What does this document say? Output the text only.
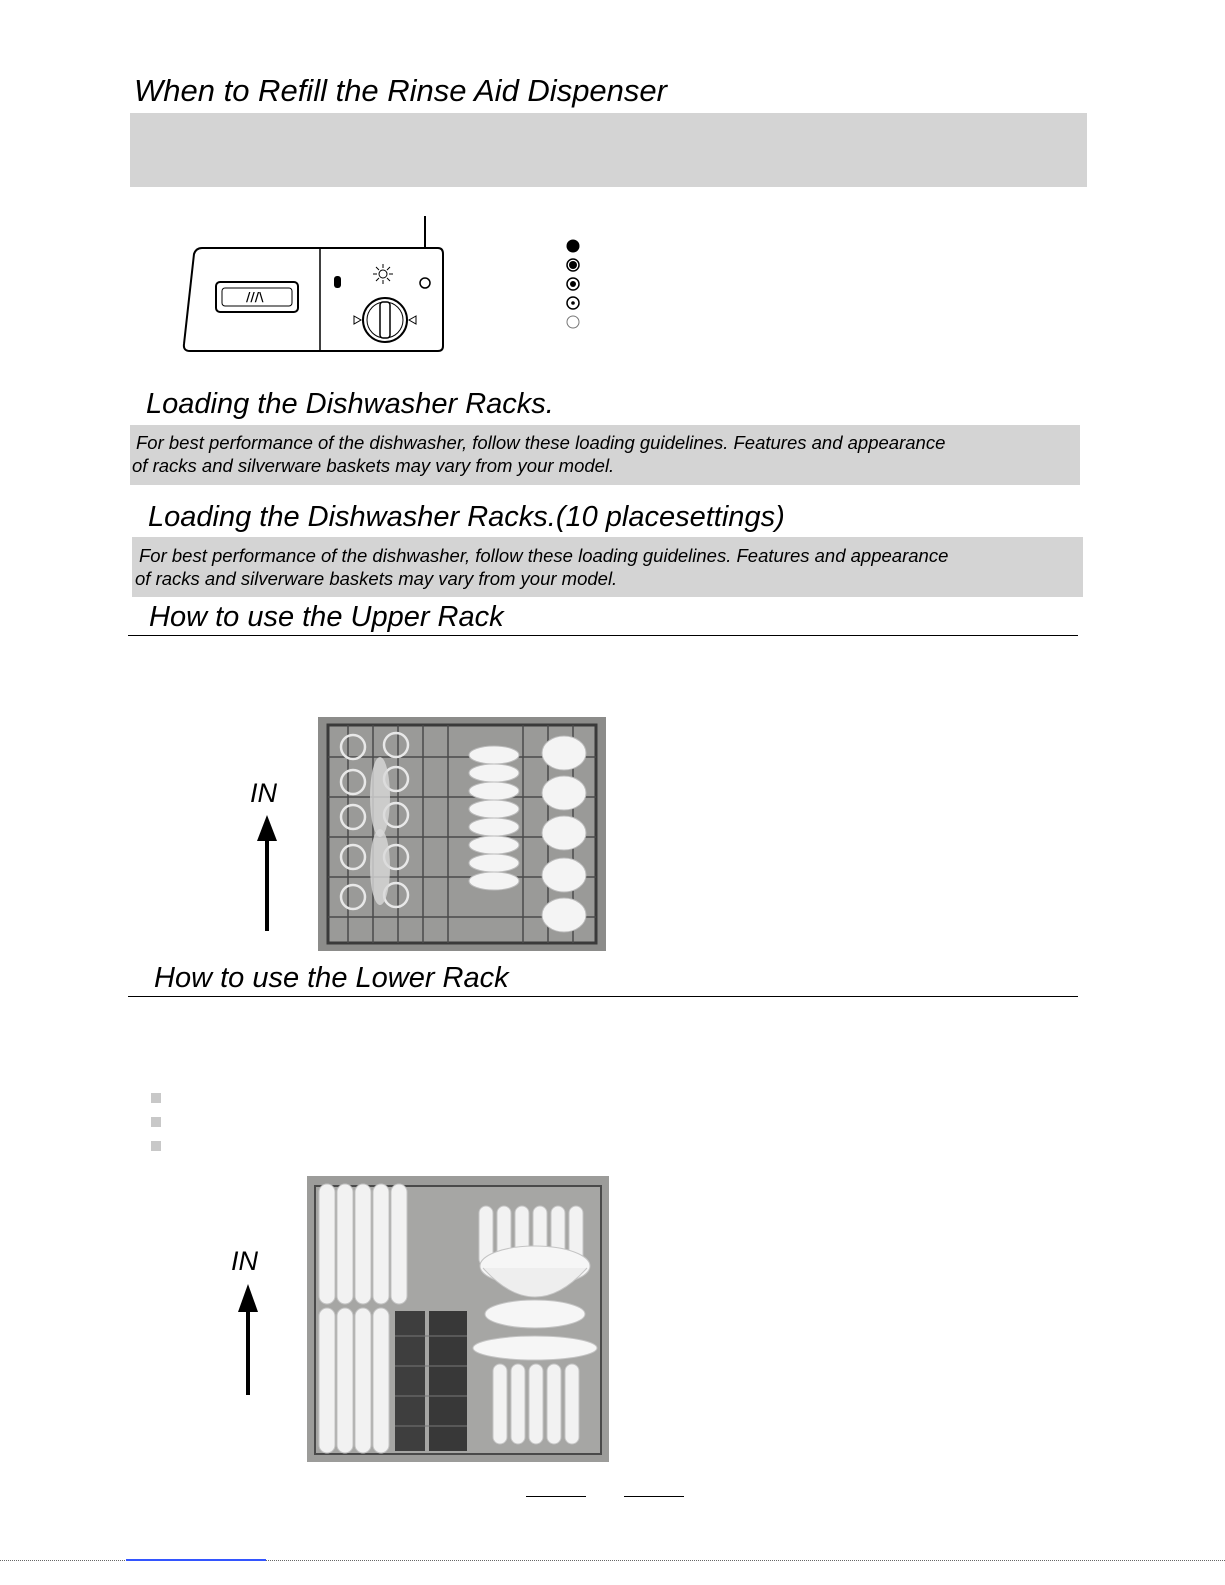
When to Refill the Rinse Aid Dispenser
///\
Loading the Dishwasher Racks.
For best performance of the dishwasher, follow these loading guidelines. Features and appearance
of racks and silverware baskets may vary from your model.
Loading the Dishwasher Racks.(10 placesettings)
For best performance of the dishwasher, follow these loading guidelines. Features and appearance
of racks and silverware baskets may vary from your model.
How to use the Upper Rack
IN
How to use the Lower Rack
IN
